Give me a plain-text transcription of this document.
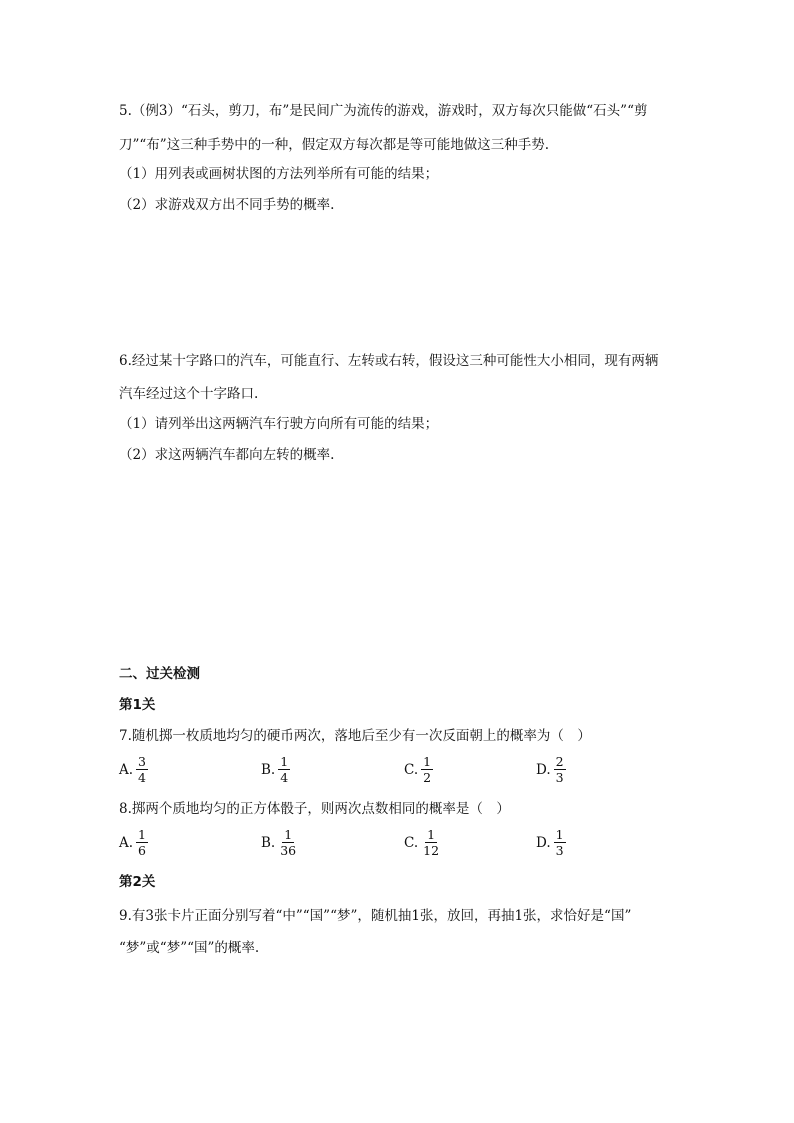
5.（例3）“石头，剪刀，布”是民间广为流传的游戏，游戏时，双方每次只能做“石头”“剪
刀”“布”这三种手势中的一种，假定双方每次都是等可能地做这三种手势.
（1）用列表或画树状图的方法列举所有可能的结果；
（2）求游戏双方出不同手势的概率.
6.经过某十字路口的汽车，可能直行、左转或右转，假设这三种可能性大小相同，现有两辆
汽车经过这个十字路口.
（1）请列举出这两辆汽车行驶方向所有可能的结果；
（2）求这两辆汽车都向左转的概率.
二、过关检测
第1关
7.随机掷一枚质地均匀的硬币两次，落地后至少有一次反面朝上的概率为（　）
A. $\frac{3}{4}$	B. $\frac{1}{4}$	C. $\frac{1}{2}$	D. $\frac{2}{3}$
8.掷两个质地均匀的正方体骰子，则两次点数相同的概率是（　）
A. $\frac{1}{6}$	B. $\frac{1}{36}$	C. $\frac{1}{12}$	D. $\frac{1}{3}$
第2关
9.有3张卡片正面分别写着“中”“国”“梦”，随机抽1张，放回，再抽1张，求恰好是“国”
“梦”或“梦”“国”的概率.
